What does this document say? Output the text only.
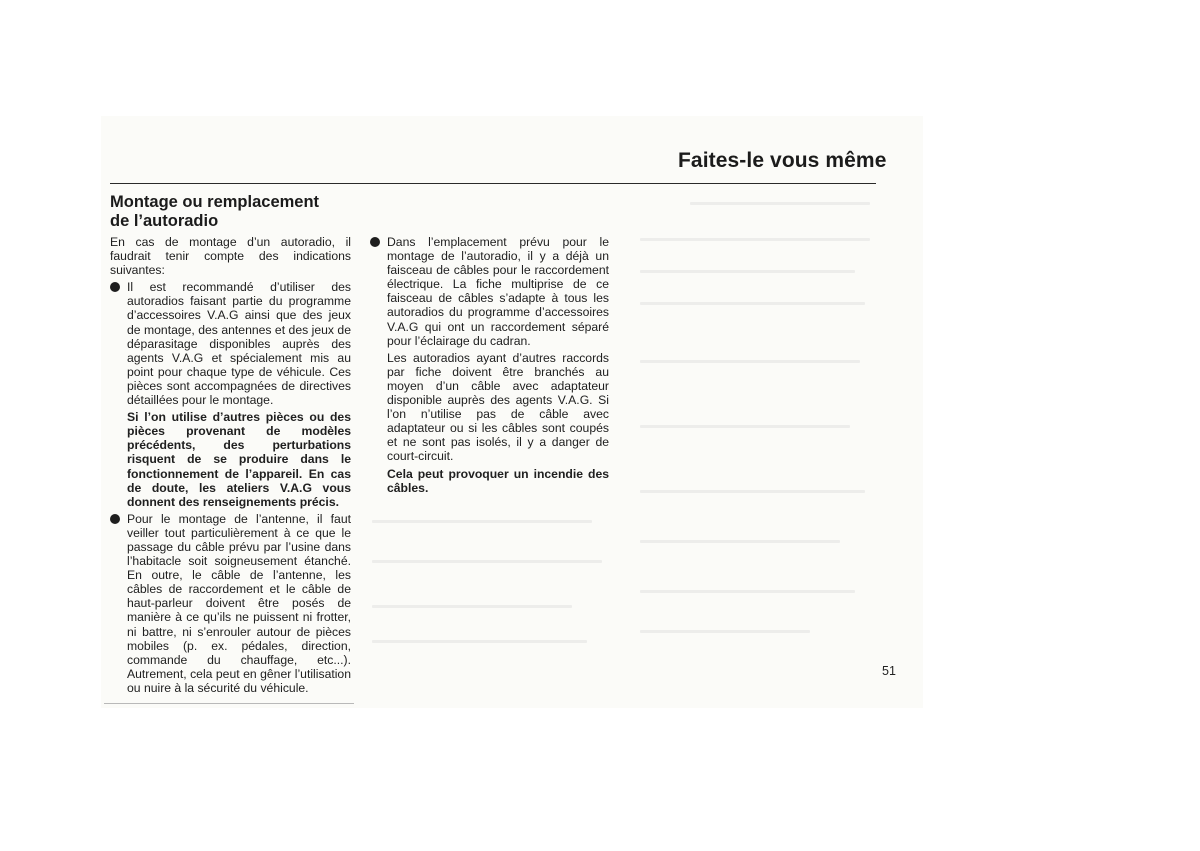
Faites-le vous même
Montage ou remplacement
de l’autoradio

En cas de montage d’un autoradio, il faudrait tenir compte des indications suivantes:

Il est recommandé d’utiliser des autoradios faisant partie du programme d’accessoires V.A.G ainsi que des jeux de montage, des antennes et des jeux de déparasitage disponibles auprès des agents V.A.G et spécialement mis au point pour chaque type de véhicule. Ces pièces sont accompagnées de directives détaillées pour le montage.

Si l’on utilise d’autres pièces ou des pièces provenant de modèles précédents, des perturbations risquent de se produire dans le fonctionnement de l’appareil. En cas de doute, les ateliers V.A.G vous donnent des renseignements précis.

Pour le montage de l’antenne, il faut veiller tout particulièrement à ce que le passage du câble prévu par l’usine dans l’habitacle soit soigneusement étanché. En outre, le câble de l’antenne, les câbles de raccordement et le câble de haut-parleur doivent être posés de manière à ce qu’ils ne puissent ni frotter, ni battre, ni s’enrouler autour de pièces mobiles (p. ex. pédales, direction, commande du chauffage, etc...). Autrement, cela peut en gêner l’utilisation ou nuire à la sécurité du véhicule.

Dans l’emplacement prévu pour le montage de l’autoradio, il y a déjà un faisceau de câbles pour le raccordement électrique. La fiche multiprise de ce faisceau de câbles s’adapte à tous les autoradios du programme d’accessoires V.A.G qui ont un raccordement séparé pour l’éclairage du cadran.

Les autoradios ayant d’autres raccords par fiche doivent être branchés au moyen d’un câble avec adaptateur disponible auprès des agents V.A.G. Si l’on n’utilise pas de câble avec adaptateur ou si les câbles sont coupés et ne sont pas isolés, il y a danger de court-circuit.

Cela peut provoquer un incendie des câbles.

51
